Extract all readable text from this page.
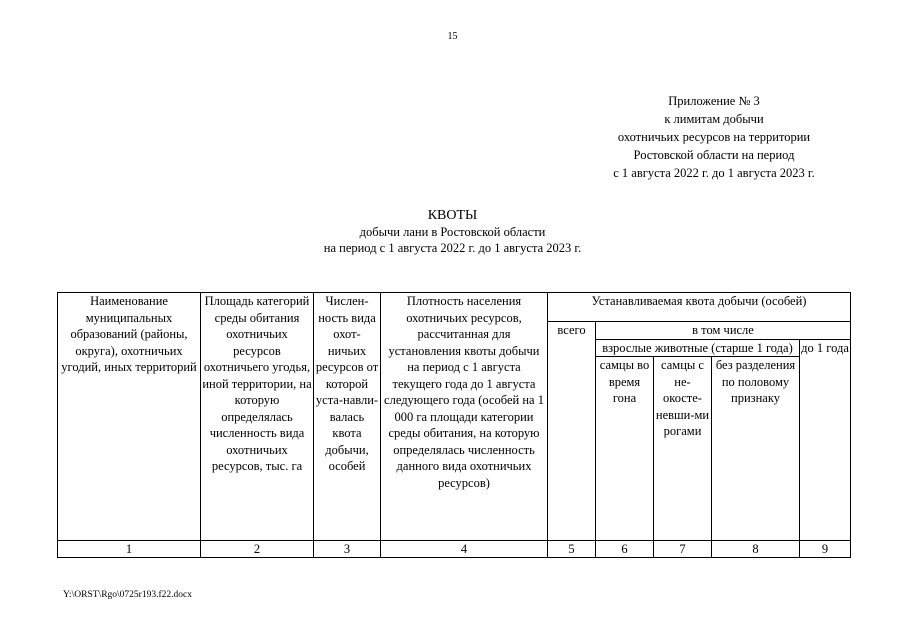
15
Приложение № 3
к лимитам добычи
охотничьих ресурсов на территории
Ростовской области на период
с 1 августа 2022 г. до 1 августа 2023 г.
КВОТЫ
добычи лани в Ростовской области
на период с 1 августа 2022 г. до 1 августа 2023 г.
Наименование муниципальных образований (районы, округа), охотничьих угодий, иных территорий	Площадь категорий среды обитания охотничьих ресурсов охотничьего угодья, иной территории, на которую определялась численность вида охотничьих ресурсов, тыс. га	Числен-ность вида охот-ничьих ресурсов от которой уста-навли-валась квота добычи, особей	Плотность населения охотничьих ресурсов, рассчитанная для установления квоты добычи на период с 1 августа текущего года до 1 августа следующего года (особей на 1 000 га площади категории среды обитания, на которую определялась численность данного вида охотничьих ресурсов)	Устанавливаемая квота добычи (особей)				
				всего	в том числе			
					взрослые животные (старше 1 года)			до 1 года
					самцы во время гона	самцы с не-окосте-невши-ми рогами	без разделения по половому признаку	
1	2	3	4	5	6	7	8	9
Y:\ORST\Rgo\0725r193.f22.docx
